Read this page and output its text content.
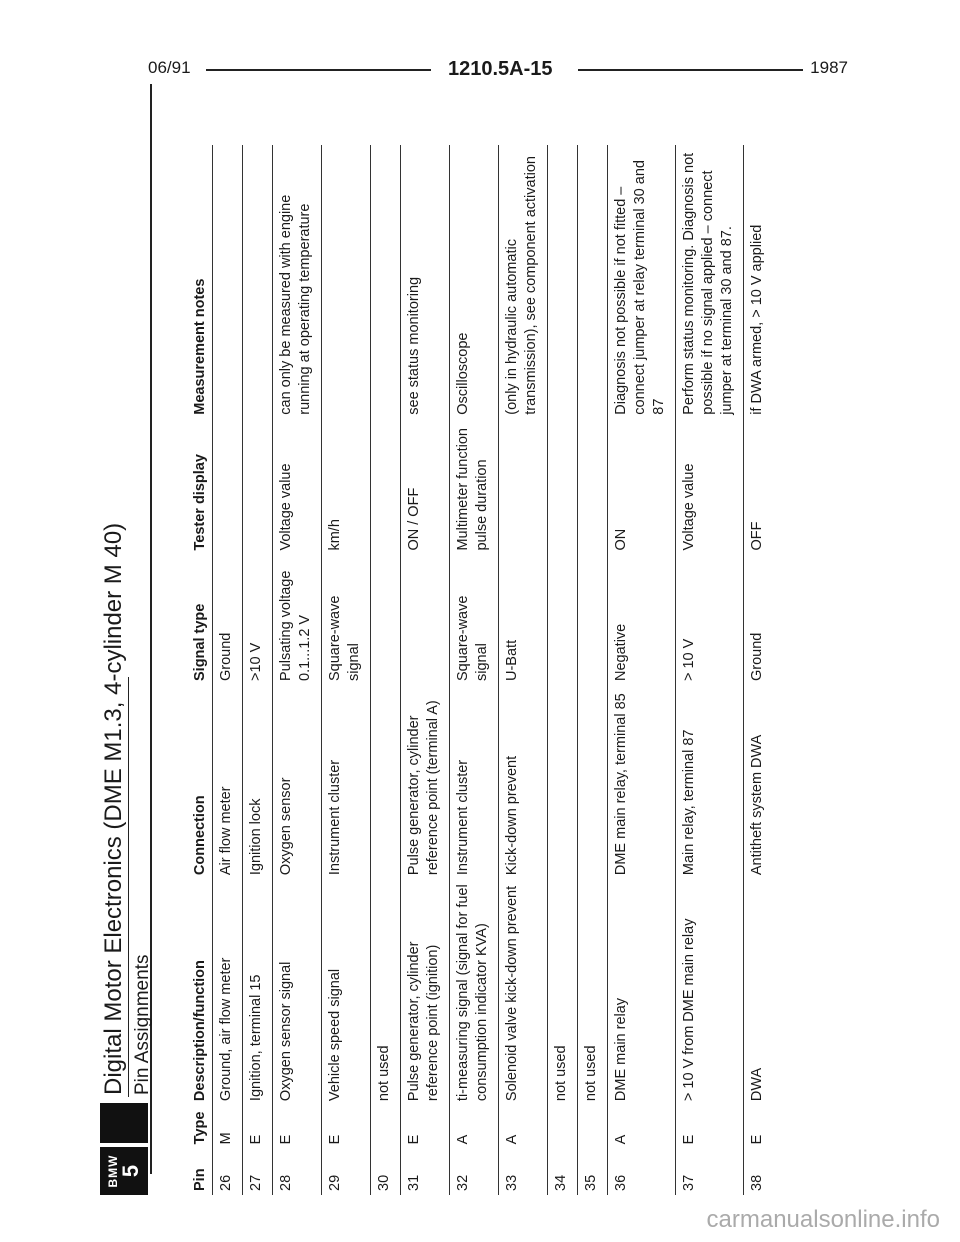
06/91	1210.5A-15	1987
BMW
5
Digital Motor Electronics (DME M1.3, 4-cylinder M 40) Pin Assignments
Pin	Type	Description/function	Connection	Signal type	Tester display	Measurement notes
26	M	Ground, air flow meter	Air flow meter	Ground		
27	E	Ignition, terminal 15	Ignition lock	>10 V		
28	E	Oxygen sensor signal	Oxygen sensor	Pulsating voltage 0.1...1.2 V	Voltage value	can only be measured with engine running at operating temperature
29	E	Vehicle speed signal	Instrument cluster	Square-wave signal	km/h	
30		not used				
31	E	Pulse generator, cylinder reference point (ignition)	Pulse generator, cylinder reference point (terminal A)		ON / OFF	see status monitoring
32	A	ti-measuring signal (signal for fuel consumption indicator KVA)	Instrument cluster	Square-wave signal	Multimeter function pulse duration	Oscilloscope
33	A	Solenoid valve kick-down prevent	Kick-down prevent	U-Batt		(only in hydraulic automatic transmission), see component activation
34		not used				
35		not used				
36	A	DME main relay	DME main relay, terminal 85	Negative	ON	Diagnosis not possible if not fitted – connect jumper at relay terminal 30 and 87
37	E	> 10 V from DME main relay	Main relay, terminal 87	> 10 V	Voltage value	Perform status monitoring. Diagnosis not possible if no signal applied – connect jumper at terminal 30 and 87.
38	E	DWA	Antitheft system DWA	Ground	OFF	if DWA armed, > 10 V applied
carmanualsonline.info
